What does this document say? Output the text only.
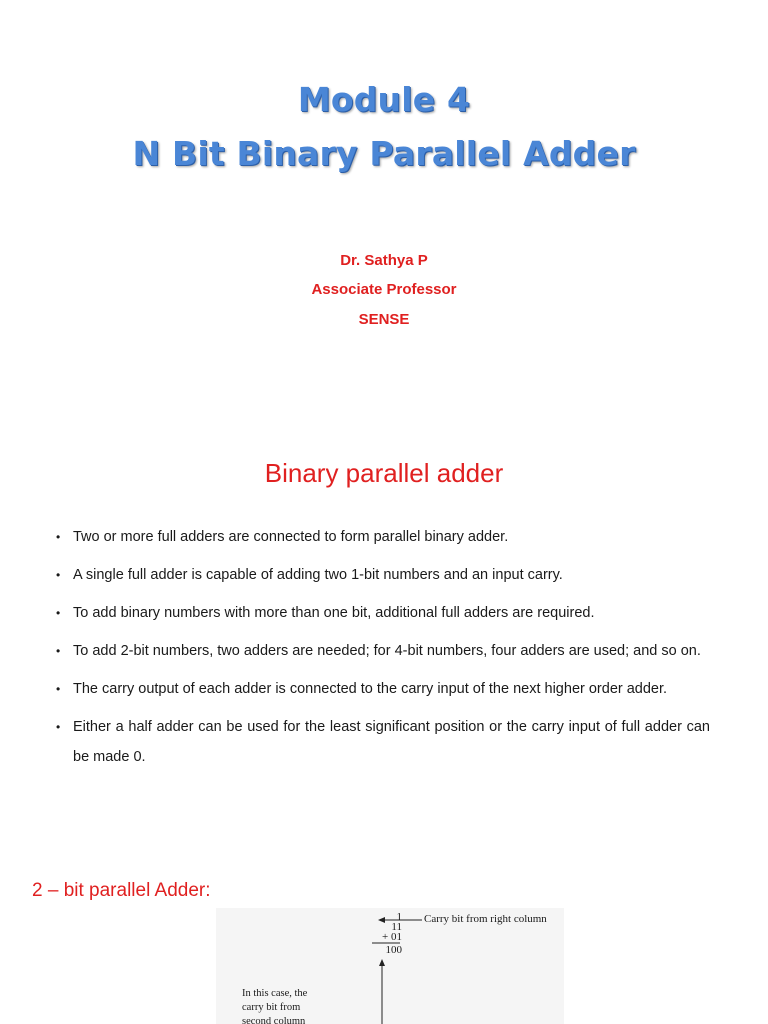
Module 4
N Bit Binary Parallel Adder
Dr. Sathya P
Associate Professor
SENSE
Binary parallel adder
• Two or more full adders are connected to form parallel binary adder.
• A single full adder is capable of adding two 1-bit numbers and an input carry.
• To add binary numbers with more than one bit, additional full adders are required.
• To add 2-bit numbers, two adders are needed; for 4-bit numbers, four adders are used; and so on.
• The carry output of each adder is connected to the carry input of the next higher order adder.
• Either a half adder can be used for the least significant position or the carry input of full adder can be made 0.
2 – bit parallel Adder:
Carry bit from right column
1
11
+ 01
100
In this case, the
carry bit from
second column
